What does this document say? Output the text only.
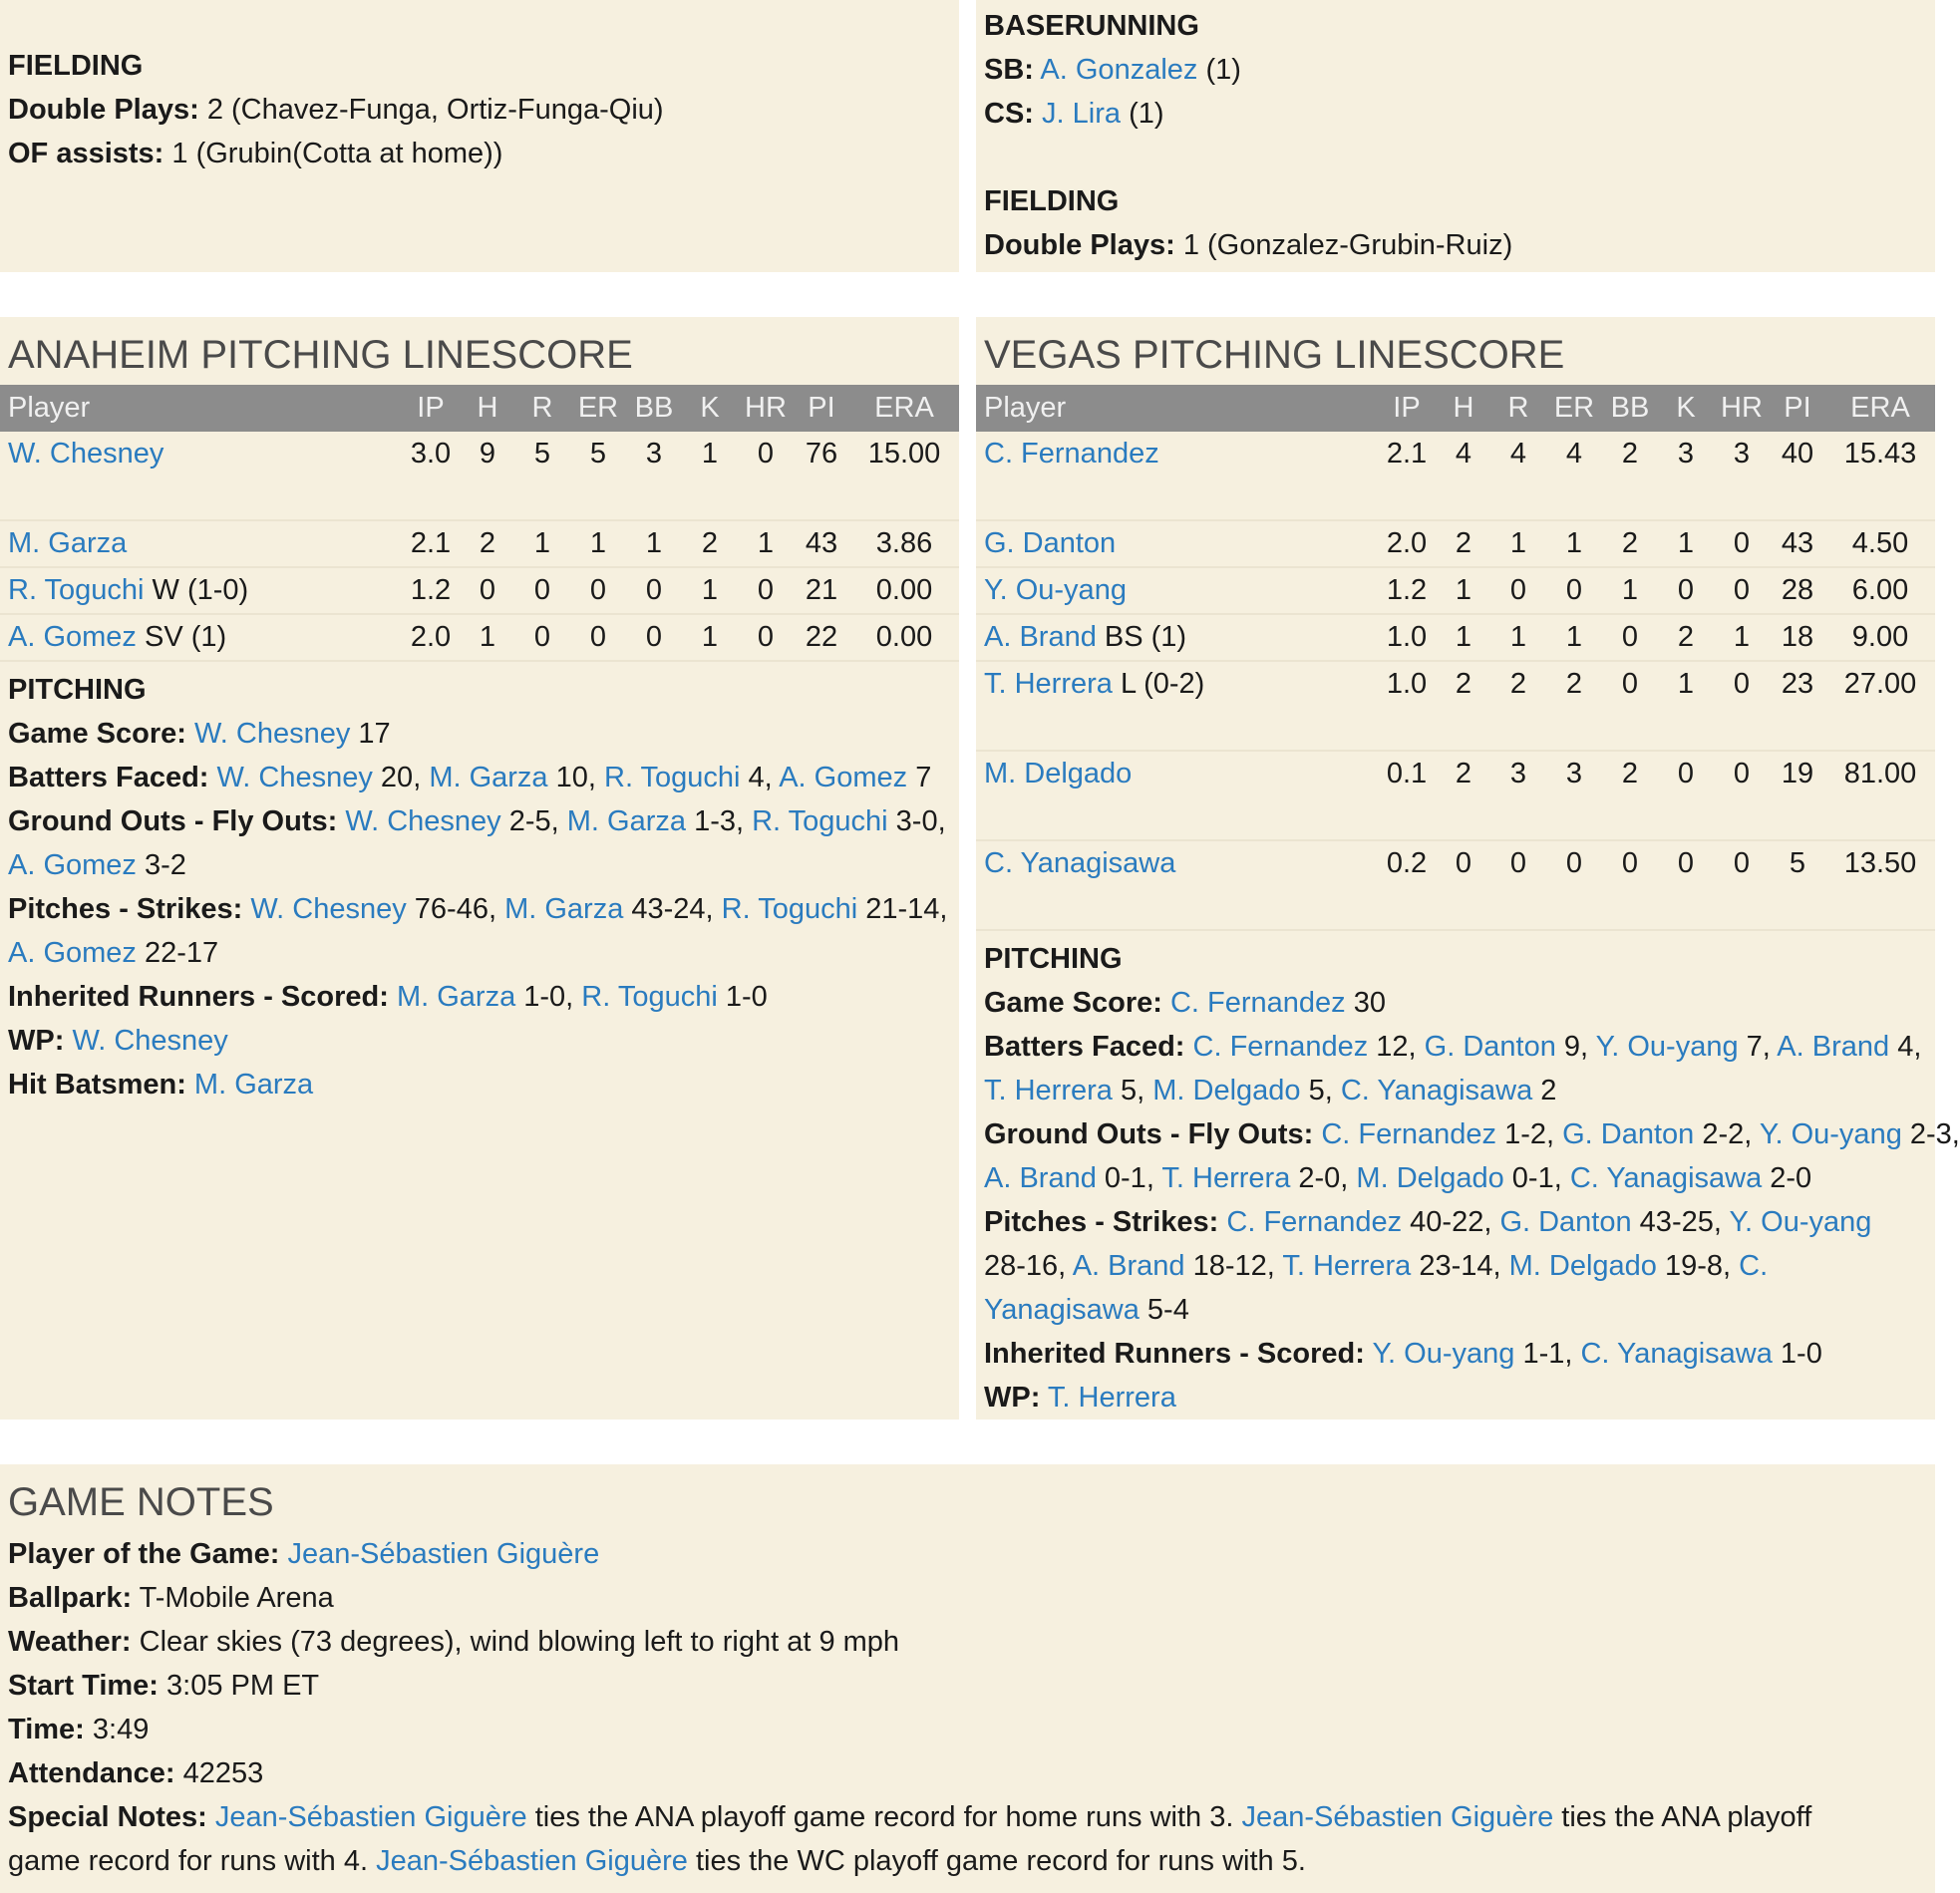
FIELDING
Double Plays: 2 (Chavez-Funga, Ortiz-Funga-Qiu)
OF assists: 1 (Grubin(Cotta at home))
BASERUNNING
SB: A. Gonzalez (1)
CS: J. Lira (1)
FIELDING
Double Plays: 1 (Gonzalez-Grubin-Ruiz)
ANAHEIM PITCHING LINESCORE
Player	IP	H	R	ER	BB	K	HR	PI	ERA
W. Chesney	3.0	9	5	5	3	1	0	76	15.00
M. Garza	2.1	2	1	1	1	2	1	43	3.86
R. Toguchi W (1-0)	1.2	0	0	0	0	1	0	21	0.00
A. Gomez SV (1)	2.0	1	0	0	0	1	0	22	0.00
PITCHING
Game Score: W. Chesney 17
Batters Faced: W. Chesney 20, M. Garza 10, R. Toguchi 4, A. Gomez 7
Ground Outs - Fly Outs: W. Chesney 2-5, M. Garza 1-3, R. Toguchi 3-0,
A. Gomez 3-2
Pitches - Strikes: W. Chesney 76-46, M. Garza 43-24, R. Toguchi 21-14,
A. Gomez 22-17
Inherited Runners - Scored: M. Garza 1-0, R. Toguchi 1-0
WP: W. Chesney
Hit Batsmen: M. Garza
VEGAS PITCHING LINESCORE
Player	IP	H	R	ER	BB	K	HR	PI	ERA
C. Fernandez	2.1	4	4	4	2	3	3	40	15.43
G. Danton	2.0	2	1	1	2	1	0	43	4.50
Y. Ou-yang	1.2	1	0	0	1	0	0	28	6.00
A. Brand BS (1)	1.0	1	1	1	0	2	1	18	9.00
T. Herrera L (0-2)	1.0	2	2	2	0	1	0	23	27.00
M. Delgado	0.1	2	3	3	2	0	0	19	81.00
C. Yanagisawa	0.2	0	0	0	0	0	0	5	13.50
PITCHING
Game Score: C. Fernandez 30
Batters Faced: C. Fernandez 12, G. Danton 9, Y. Ou-yang 7, A. Brand 4,
T. Herrera 5, M. Delgado 5, C. Yanagisawa 2
Ground Outs - Fly Outs: C. Fernandez 1-2, G. Danton 2-2, Y. Ou-yang 2-3,
A. Brand 0-1, T. Herrera 2-0, M. Delgado 0-1, C. Yanagisawa 2-0
Pitches - Strikes: C. Fernandez 40-22, G. Danton 43-25, Y. Ou-yang
28-16, A. Brand 18-12, T. Herrera 23-14, M. Delgado 19-8, C.
Yanagisawa 5-4
Inherited Runners - Scored: Y. Ou-yang 1-1, C. Yanagisawa 1-0
WP: T. Herrera
GAME NOTES
Player of the Game: Jean-Sébastien Giguère
Ballpark: T-Mobile Arena
Weather: Clear skies (73 degrees), wind blowing left to right at 9 mph
Start Time: 3:05 PM ET
Time: 3:49
Attendance: 42253
Special Notes: Jean-Sébastien Giguère ties the ANA playoff game record for home runs with 3. Jean-Sébastien Giguère ties the ANA playoff
game record for runs with 4. Jean-Sébastien Giguère ties the WC playoff game record for runs with 5.
